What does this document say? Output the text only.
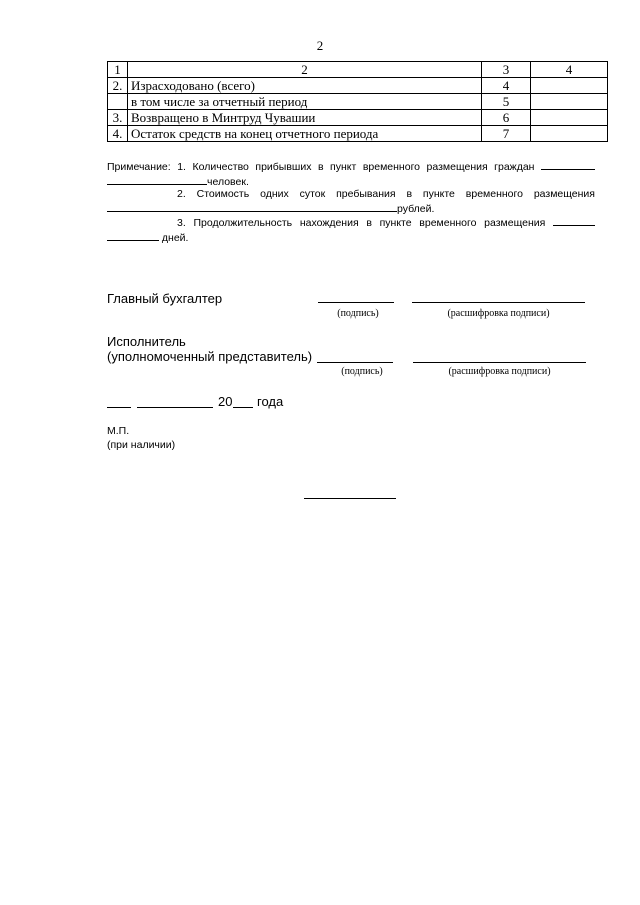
2
1	2	3	4
2.	Израсходовано (всего)	4	
	в том числе за отчетный период	5	
3.	Возвращено в Минтруд Чувашии	6	
4.	Остаток средств на конец отчетного периода	7	
Примечание: 1. Количество прибывших в пункт временного размещения граждан
человек.
2. Стоимость одних суток пребывания в пункте временного размещения
рублей.
3. Продолжительность нахождения в пункте временного размещения
дней.
Главный бухгалтер
(подпись)	(расшифровка подписи)
Исполнитель
(уполномоченный представитель)
(подпись)	(расшифровка подписи)
20 года
М.П.
(при наличии)
